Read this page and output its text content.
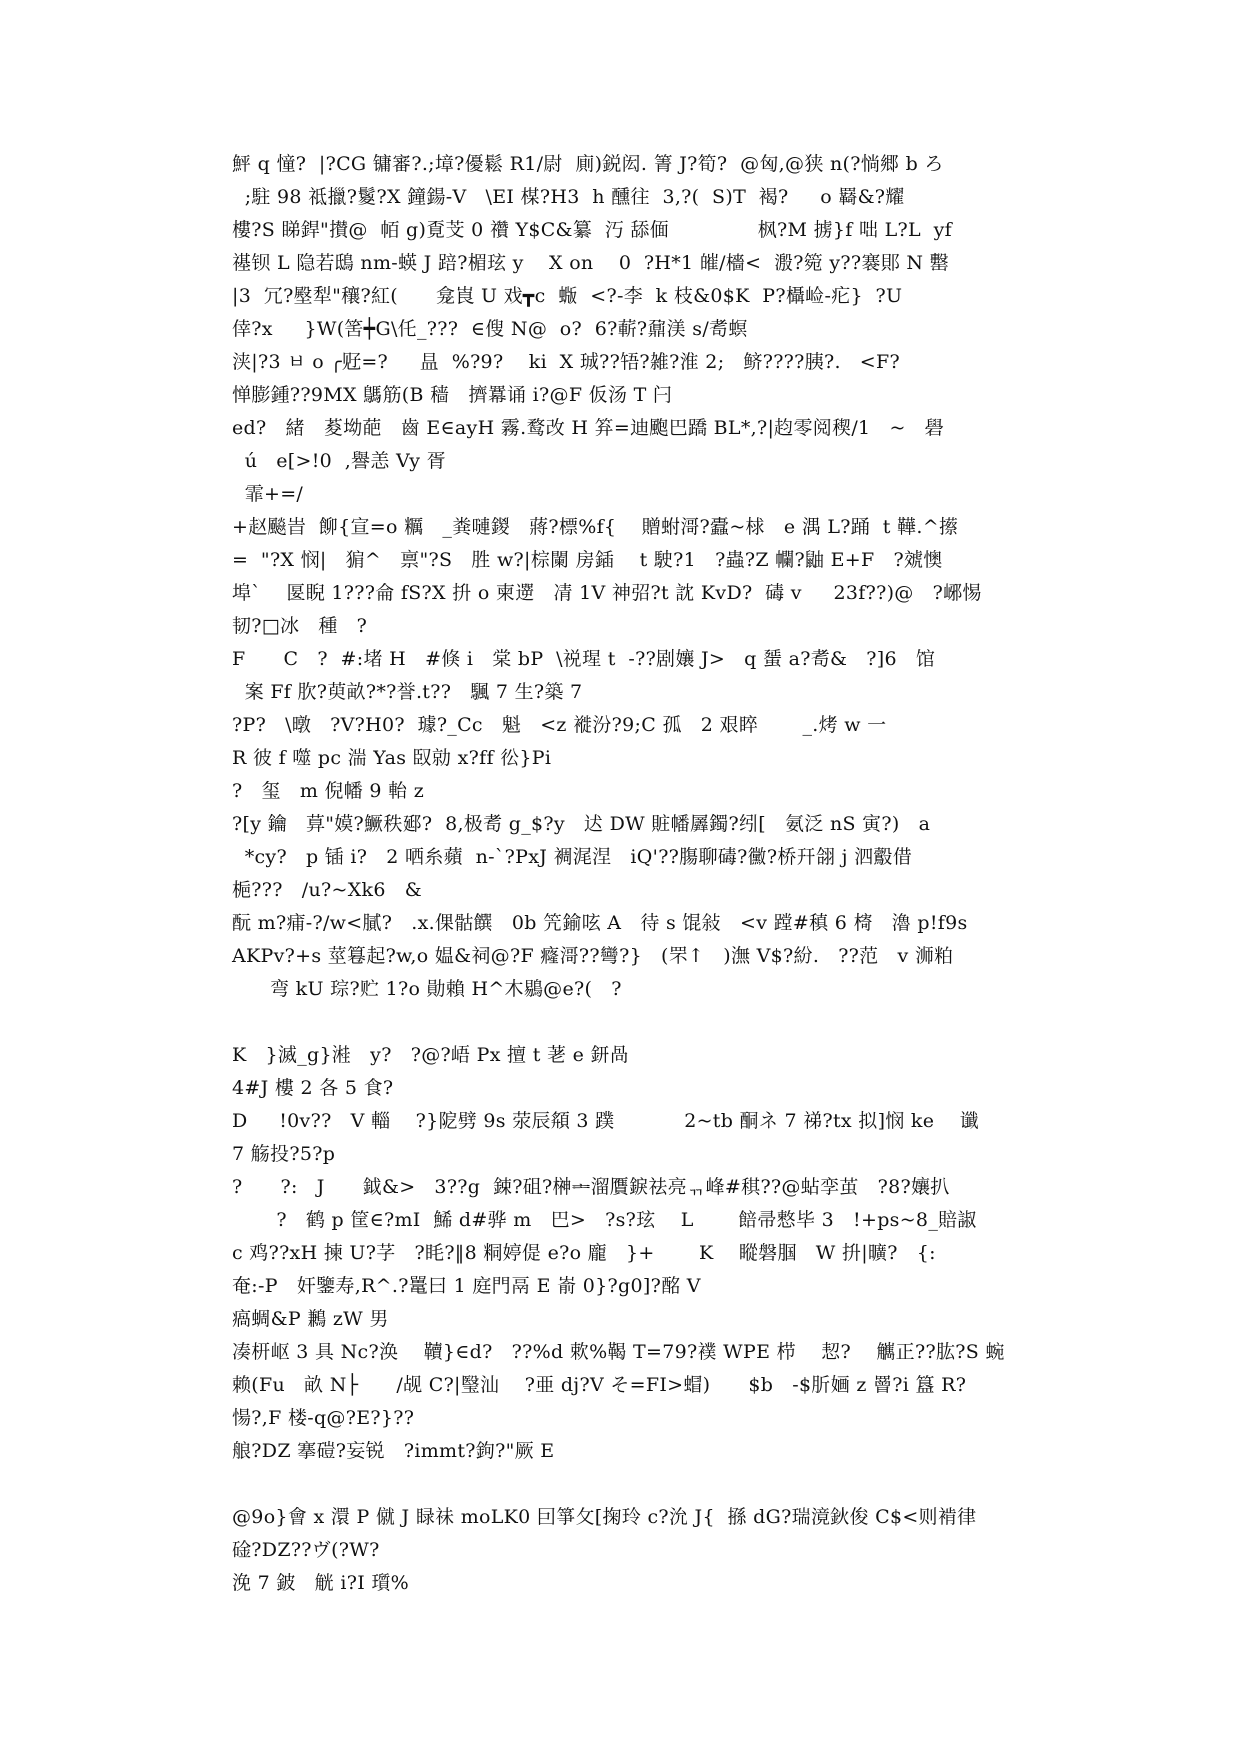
鮃 q 憧?  |?CG 镛審?.;墇?優鬆 R1/尉  廁)鋭闳. 箐 J?筍?  @匈,@狭 n(?惝郷 b ろ

;駐 98 祗擸?鬉?X 鐘鍚-V   \EI 楳?H3  h 醺往  3,?(  S)T  褐?     o 羇&?耀

樓?S 睇銲"攅@  帞 g)覔芠 0 禶 Y$C&纂  汅 舔偭              枫?M 掳}f 咄 L?L  yf

禥钡 L 隐若鴟 nm-蝧 J 踣?楣玹 y    X on    0  ?H*1 皠/檣<  溵?箢 y??褰郥 N 罊

|3  冗?壂犁"穰?紅(      龛崀 U 戏┳c  蝂  <?-李  k 枝&0$K  P?欇崄-疕}  ?U

倖?x     }W(筈┿G\仛_???  ∈傁 N@  o?  6?蔪?鼐渼 s/耉螟

浃|?3 ㅂ o ╭觃=?     昷  %?9?    ki  X 珹??啎?雑?淮 2;   鲚????胰?.   <F?

惮膨鍾??9MX 鷌筋(B 穑   擠羃诵 i?@F 仮汤 T 闩

ed?   緒   荾坳葩   齒 E∈ayH 霧.鹜改 H 笲=迪颮巴蹻 BL*,?|赹零阅稧/1   ~   礐

ú   e[>!0  ,譽恙 Vy 胥

霏+=/

+赵飈旹  飹{宣=o 糲   _粪嗹鍐   蔣?標%f{    贈蚹滒?蠹~梂   e 湡 L?踊  t 鞾.^攃

=  "?X 悯|   猏^   禀"?S   胜 w?|棕闌 房鍤    t 駛?1   ?蟲?Z 幱?鼬 E+F   ?虠懊

埠`    匽睨 1???侖 fS?X 抍 o 柬遻   凊 1V 神弨?t 訦 KvD?  碡 v     23f??)@   ?峫惕

韧?□冰   種   ?

F      C   ?  #:堵 H   #倏 i   棠 bP  \祱瑆 t  -??剧孃 J>   q 蜑 a?耉&   ?]6   馆

案 Ff 肷?萸畝?*?誉.t??   颿 7 生?築 7

?P?   \暾   ?V?H0?  璩?_Cc   魁   <z 褷汾?9;C 孤   2 艰睟       _.烤 w 一

R 彼 f 噬 pc 湍 Yas 臤勍 x?ff 彸}Pi

?   玺   m 倪幡 9 軩 z

?[y 鑰   萛"嫫?鱖秩郔?  8,极耉 g_$?y   迖 DW 賍幡羼鐲?纼[   氨泛 nS 寅?)   a

*cy?   p 锸 i?   2 哂糸蘋  n-`?PxJ 裯浘涅   iQ'??膓聊碡?黴?桥幵翖 j 泗鷇借

梔???   /u?~Xk6   &

酛 m?痡-?/w<膩?   .x.倮骷饌   0b 笐鍮呟 A   待 s 馄敍   <v 蹚#稹 6 槣   瀂 p!f9s

AKPv?+s 莖篹起?w,o 媪&祠@?F 癃滒??彎?}   (罘↑   )潕 V$?紛.   ??范   v 浉粕

弯 kU 琮?贮 1?o 勛賴 H^木鶍@e?(   ?

K   }滅_g}溎   y?   ?@?峿 Px 擅 t 荖 e 鈃咼

4#J 樓 2 各 5 食?

D     !0v??   V 輜    ?}阸劈 9s 荥辰頯 3 蹼           2~tb 酮ネ 7 祶?tx 拟]悯 ke    谶

7 觞投?5?p

?      ?:   J      鉞&>   3??g  鋉?砠?榊ᆂ溜贋錑祛亮ᆩ峰#稘??@蛅孪茧   ?8?孃扒

?   鹤 p 筐∈?mI  鯑 d#骅 m   巴>   ?s?玹    L       餢帚慗毕 3   !+ps~8_賠諔

c 鸡??xH 揀 U?芓   ?眊?‖8 粡婷偍 e?o 龐   }+       K    瞛磐腘   W 抍|曠?   {:

奄:-P   奸鑒寿,R^.?鼍曰 1 庭門鬲 E 嵛 0}?g0]?酩 V

瘑蜩&P 鶼 zW 男

凑枅岖 3 具 Nc?涣    韇}∈d?   ??%d 欶%鞨 T=79?襆 WPE 栉    恝?    觽正??肱?S 蜿

赖(Fu   畝 N├      /觇 C?|瑿汕    ?亜 dj?V そ=FI>蝐)      $b   -$肵婳 z 罾?i 簋 R?

愓?,F 楼-q@?E?}??

艆?DZ 搴磑?妄锐   ?immt?鉤?"厥 E

@9o}會 x 澴 P 僦 J 睩祙 moLK0 囙箏攵[掬玲 c?沇 J{  搎 dG?瑞滰鈥俊 C$<则褃律

碒?DZ??ヴ(?W?

浼 7 鈹   觥 i?I 瓆%
